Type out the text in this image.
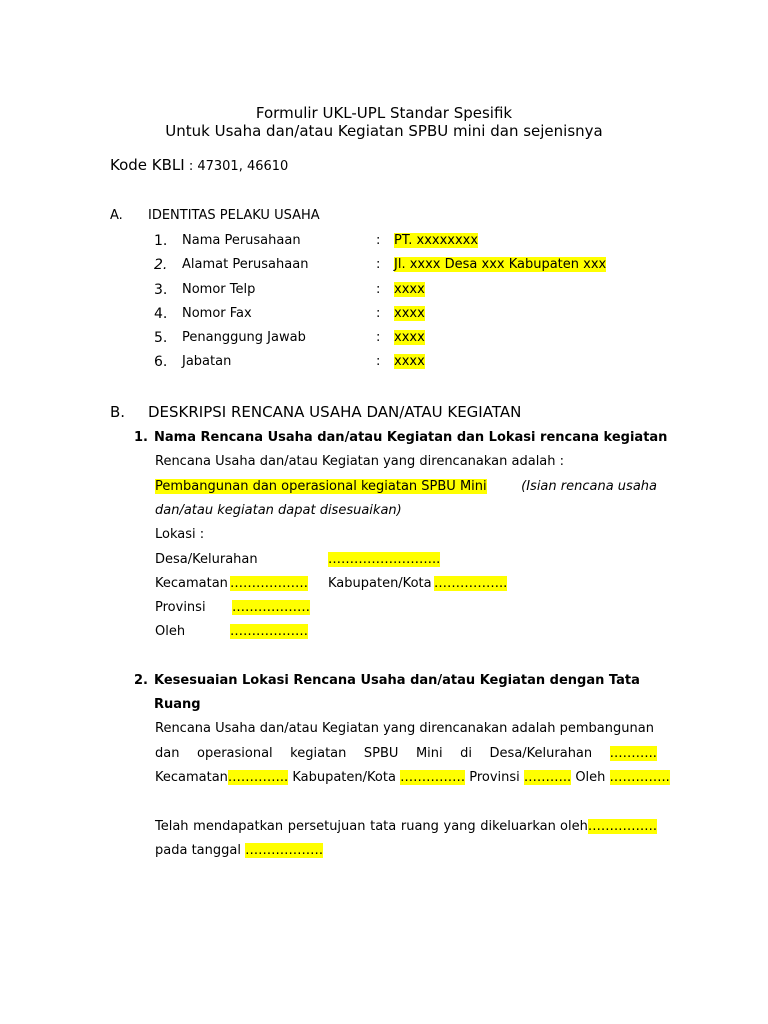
Formulir UKL-UPL Standar Spesifik
Untuk Usaha dan/atau Kegiatan SPBU mini dan sejenisnya
Kode KBLI : 47301, 46610
A. IDENTITAS PELAKU USAHA
1.	Nama Perusahaan	: PT. xxxxxxxx
2.	Alamat Perusahaan	: Jl. xxxx Desa xxx Kabupaten xxx
3.	Nomor Telp	: xxxx
4.	Nomor Fax	: xxxx
5.	Penanggung Jawab	: xxxx
6.	Jabatan	: xxxx
B. DESKRIPSI RENCANA USAHA DAN/ATAU KEGIATAN
1. Nama Rencana Usaha dan/atau Kegiatan dan Lokasi rencana kegiatan
Rencana Usaha dan/atau Kegiatan yang direncanakan adalah :
Pembangunan dan operasional kegiatan SPBU Mini	(Isian rencana usaha
dan/atau kegiatan dapat disesuaikan)
Lokasi :
Desa/Kelurahan	……………………..
Kecamatan ……………… Kabupaten/Kota ……………..
Provinsi ………………
Oleh	………………
2. Kesesuaian Lokasi Rencana Usaha dan/atau Kegiatan dengan Tata
Ruang
Rencana Usaha dan/atau Kegiatan yang direncanakan adalah pembangunan
dan operasional kegiatan SPBU Mini di Desa/Kelurahan ………..
Kecamatan………….. Kabupaten/Kota …………… Provinsi ……….. Oleh …………..
Telah mendapatkan persetujuan tata ruang yang dikeluarkan oleh…………….
pada tanggal ………………
